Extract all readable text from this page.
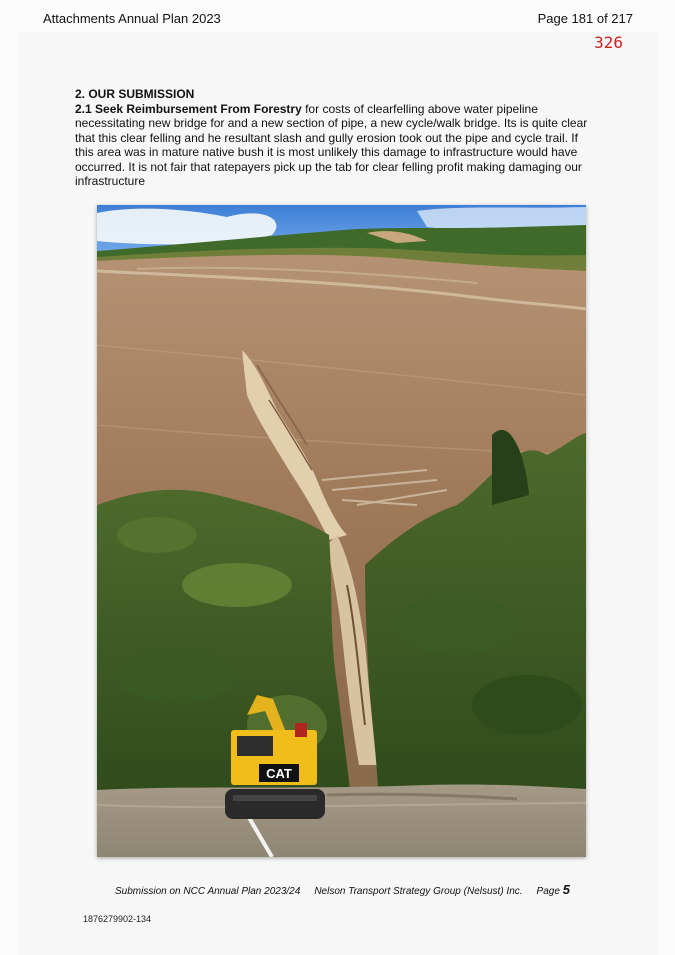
Attachments Annual Plan 2023	Page 181 of 217
326
2. OUR SUBMISSION
2.1 Seek Reimbursement From Forestry for costs of clearfelling above water pipeline necessitating new bridge for and a new section of pipe, a new cycle/walk bridge. Its is quite clear that this clear felling and he resultant slash and gully erosion took out the pipe and cycle trail. If this area was in mature native bush it is most unlikely this damage to infrastructure would have occurred. It is not fair that ratepayers pick up the tab for clear felling profit making damaging our infrastructure
CAT
Submission on NCC Annual Plan 2023/24 Nelson Transport Strategy Group (Nelsust) Inc. Page 5
1876279902-134
